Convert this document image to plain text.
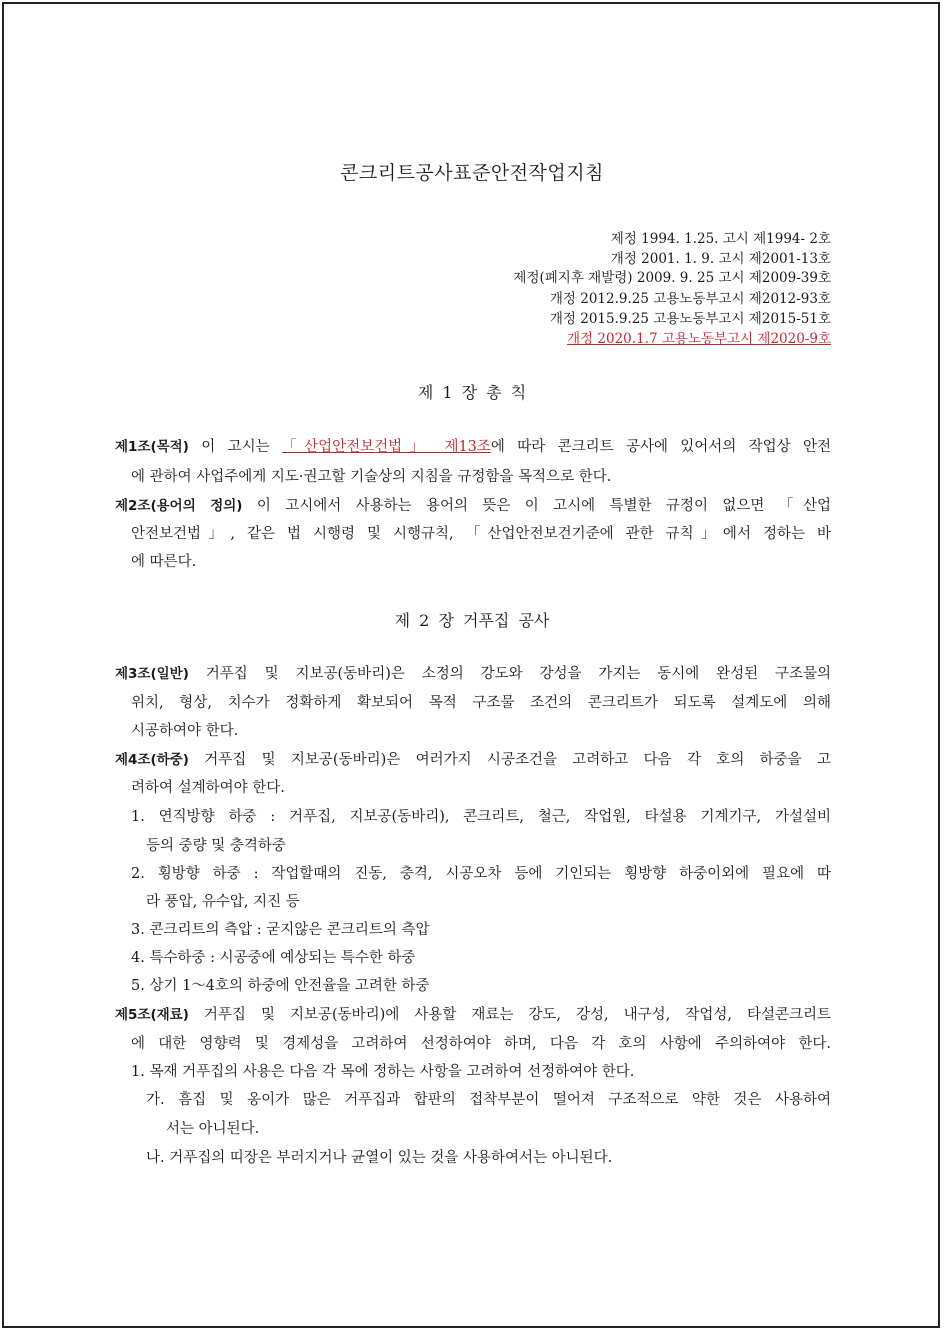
콘크리트공사표준안전작업지침
제정 1994. 1.25. 고시 제1994- 2호
개정 2001. 1. 9. 고시 제2001-13호
제정(폐지후 재발령) 2009. 9. 25 고시 제2009-39호
개정 2012.9.25 고용노동부고시 제2012-93호
개정 2015.9.25 고용노동부고시 제2015-51호
개정 2020.1.7 고용노동부고시 제2020-9호
제 1 장 총 칙
제1조(목적) 이 고시는 「산업안전보건법」 제13조에 따라 콘크리트 공사에 있어서의 작업상 안전
에 관하여 사업주에게 지도·권고할 기술상의 지침을 규정함을 목적으로 한다.
제2조(용어의 정의) 이 고시에서 사용하는 용어의 뜻은 이 고시에 특별한 규정이 없으면 「산업
안전보건법」, 같은 법 시행령 및 시행규칙, 「산업안전보건기준에 관한 규칙」에서 정하는 바
에 따른다.
제 2 장 거푸집 공사
제3조(일반) 거푸집 및 지보공(동바리)은 소정의 강도와 강성을 가지는 동시에 완성된 구조물의
위치, 형상, 치수가 정확하게 확보되어 목적 구조물 조건의 콘크리트가 되도록 설계도에 의해
시공하여야 한다.
제4조(하중) 거푸집 및 지보공(동바리)은 여러가지 시공조건을 고려하고 다음 각 호의 하중을 고
려하여 설계하여야 한다.
1. 연직방향 하중 : 거푸집, 지보공(동바리), 콘크리트, 철근, 작업원, 타설용 기계기구, 가설설비
등의 중량 및 충격하중
2. 횡방향 하중 : 작업할때의 진동, 충격, 시공오차 등에 기인되는 횡방향 하중이외에 필요에 따
라 풍압, 유수압, 지진 등
3. 콘크리트의 측압 : 굳지않은 콘크리트의 측압
4. 특수하중 : 시공중에 예상되는 특수한 하중
5. 상기 1～4호의 하중에 안전율을 고려한 하중
제5조(재료) 거푸집 및 지보공(동바리)에 사용할 재료는 강도, 강성, 내구성, 작업성, 타설콘크리트
에 대한 영향력 및 경제성을 고려하여 선정하여야 하며, 다음 각 호의 사항에 주의하여야 한다.
1. 목재 거푸집의 사용은 다음 각 목에 정하는 사항을 고려하여 선정하여야 한다.
가. 흠집 및 옹이가 많은 거푸집과 합판의 접착부분이 떨어져 구조적으로 약한 것은 사용하여
서는 아니된다.
나. 거푸집의 띠장은 부러지거나 균열이 있는 것을 사용하여서는 아니된다.
